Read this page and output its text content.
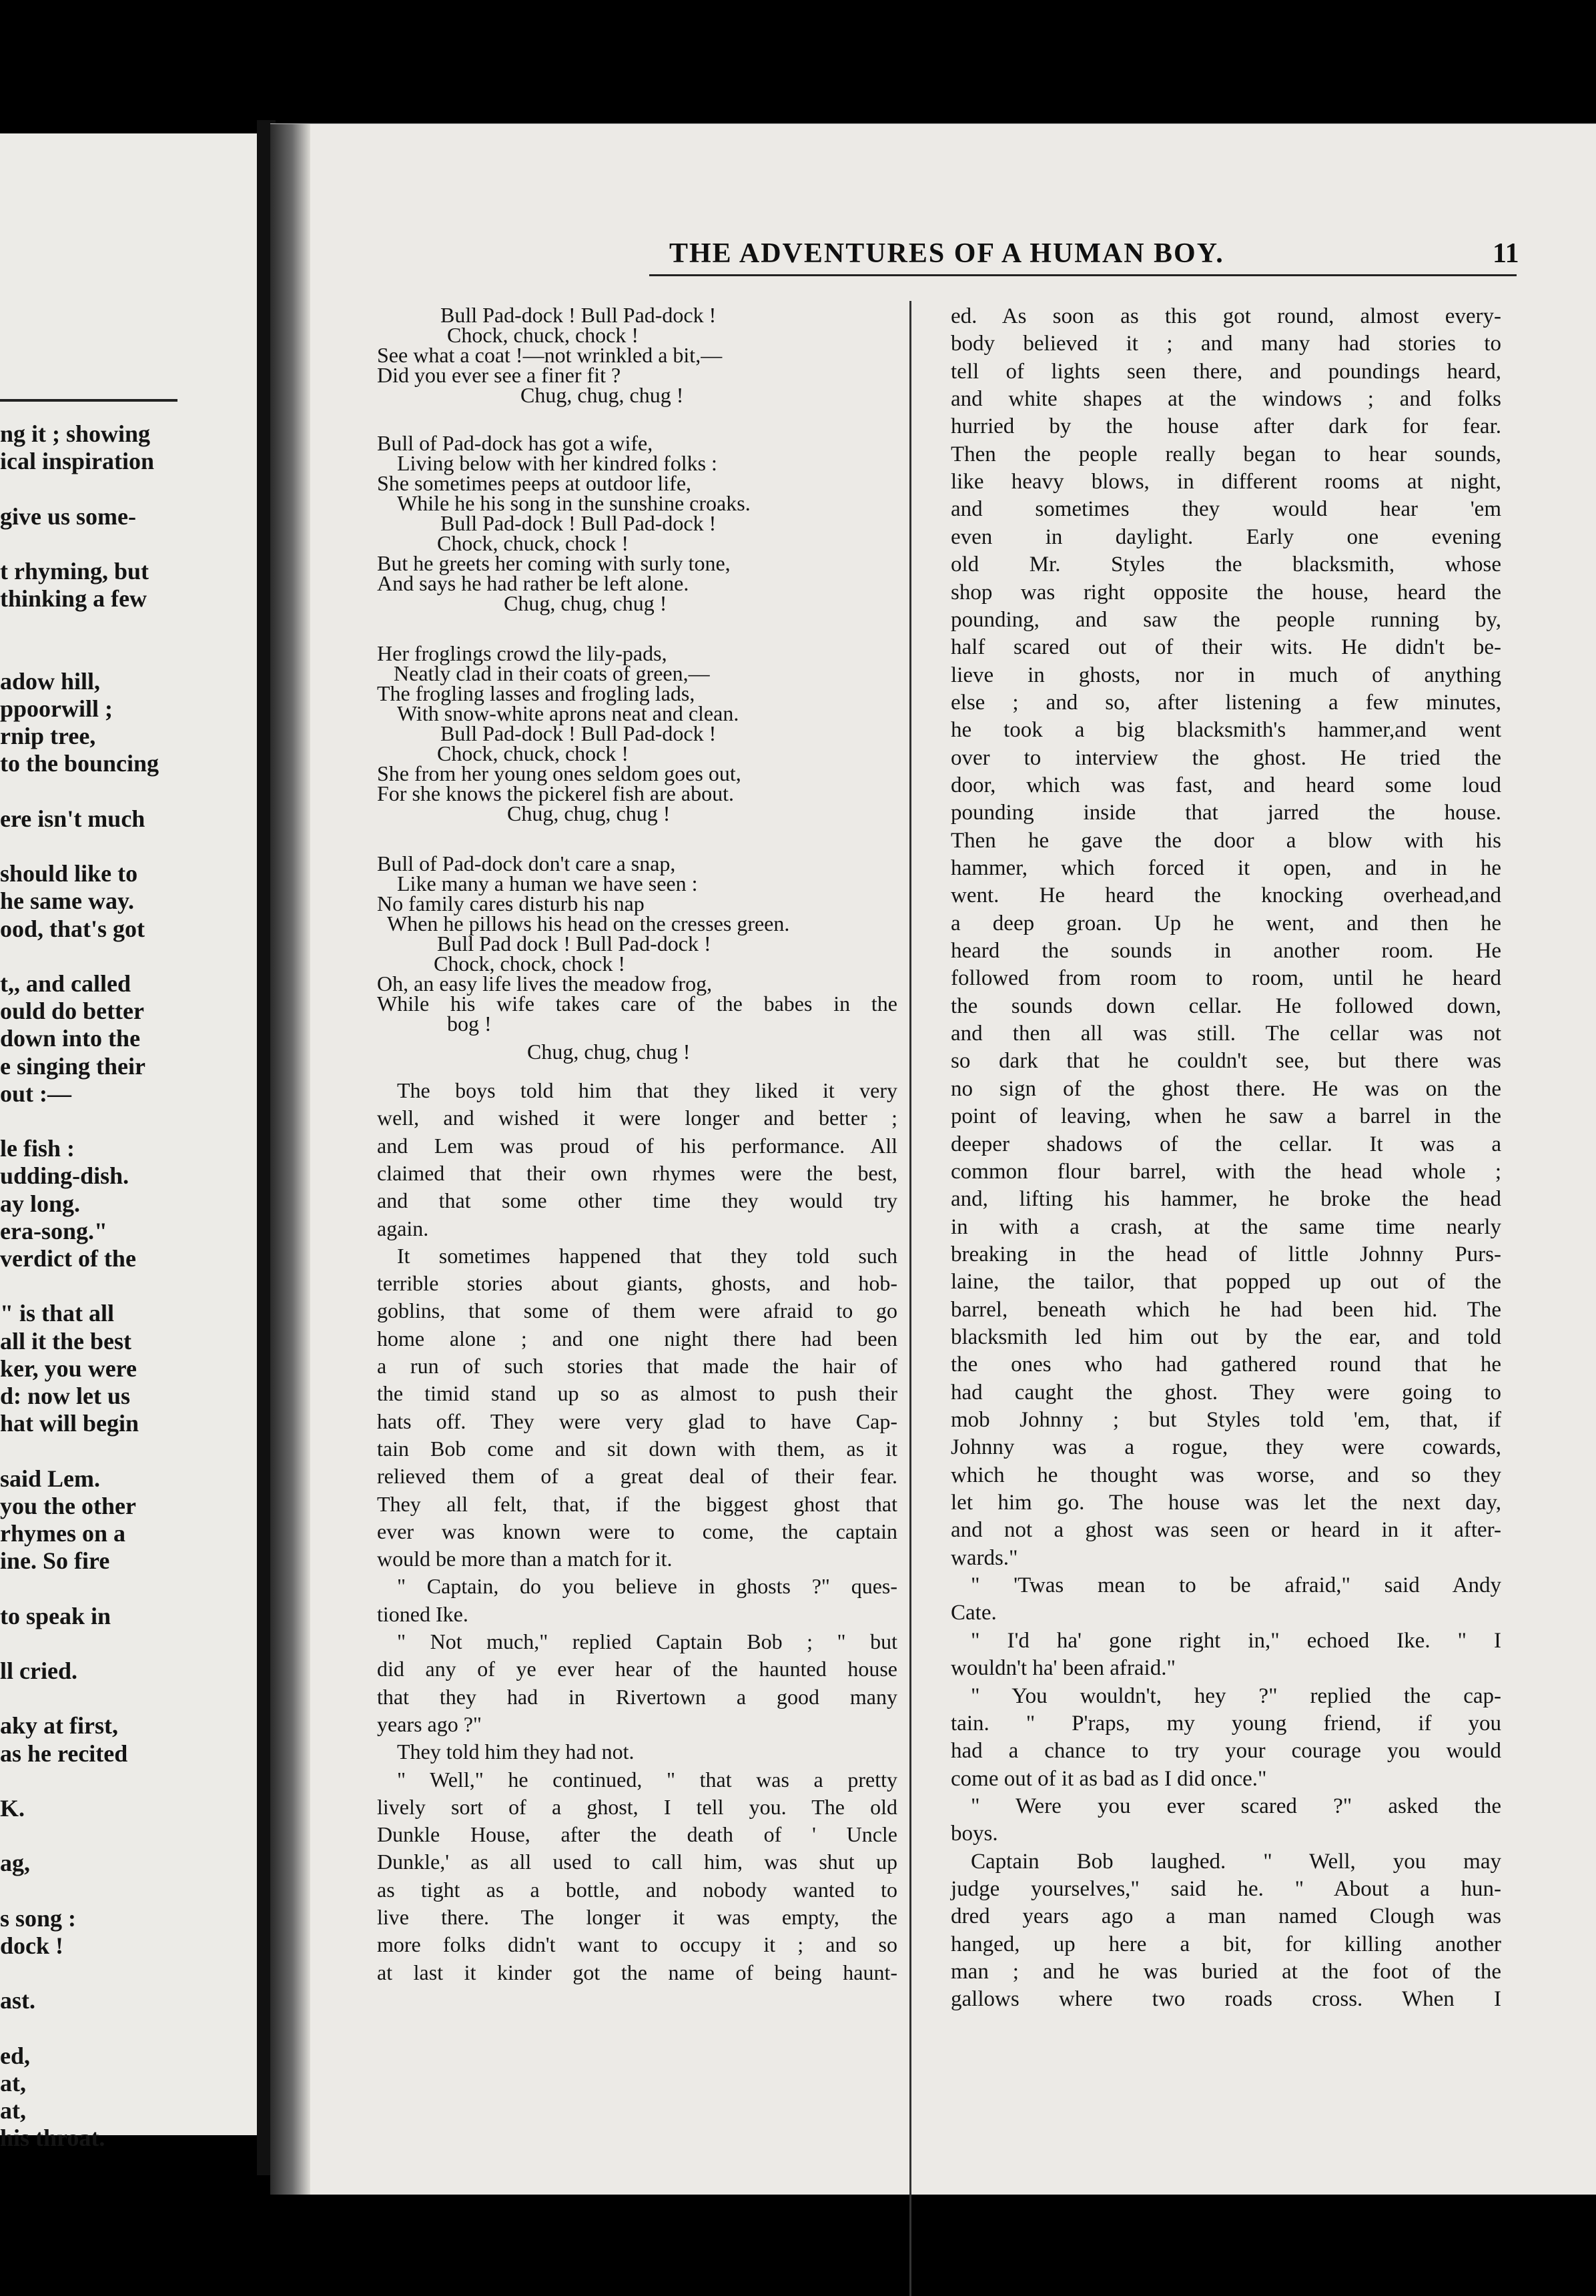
ng it ; showing
ical inspiration
give us some-
t rhyming, but
thinking a few
adow hill,
ppoorwill ;
rnip tree,
to the bouncing
ere isn't much
should like to
he same way.
ood, that's got
t,, and called
ould do better
down into the
e singing their
out :—
le fish :
udding-dish.
ay long.
era-song."
verdict of the
" is that all
all it the best
ker, you were
d: now let us
hat will begin
said Lem.
you the other
rhymes on a
ine. So fire
to speak in
ll cried.
aky at first,
as he recited
K.
ag,
s song :
dock !
ast.
ed,
at,
at,
his throat.
THE ADVENTURES OF A HUMAN BOY.	11
Bull Pad-dock ! Bull Pad-dock !
Chock, chuck, chock !
See what a coat !—not wrinkled a bit,—
Did you ever see a finer fit ?
Chug, chug, chug !
Bull of Pad-dock has got a wife,
Living below with her kindred folks :
She sometimes peeps at outdoor life,
While he his song in the sunshine croaks.
Bull Pad-dock ! Bull Pad-dock !
Chock, chuck, chock !
But he greets her coming with surly tone,
And says he had rather be left alone.
Chug, chug, chug !
Her froglings crowd the lily-pads,
Neatly clad in their coats of green,—
The frogling lasses and frogling lads,
With snow-white aprons neat and clean.
Bull Pad-dock ! Bull Pad-dock !
Chock, chuck, chock !
She from her young ones seldom goes out,
For she knows the pickerel fish are about.
Chug, chug, chug !
Bull of Pad-dock don't care a snap,
Like many a human we have seen :
No family cares disturb his nap
When he pillows his head on the cresses green.
Bull Pad dock ! Bull Pad-dock !
Chock, chock, chock !
Oh, an easy life lives the meadow frog,
While his wife takes care of the babes in the
bog !
Chug, chug, chug !
The boys told him that they liked it very
well, and wished it were longer and better ;
and Lem was proud of his performance. All
claimed that their own rhymes were the best,
and that some other time they would try
again.
It sometimes happened that they told such
terrible stories about giants, ghosts, and hob-
goblins, that some of them were afraid to go
home alone ; and one night there had been
a run of such stories that made the hair of
the timid stand up so as almost to push their
hats off. They were very glad to have Cap-
tain Bob come and sit down with them, as it
relieved them of a great deal of their fear.
They all felt, that, if the biggest ghost that
ever was known were to come, the captain
would be more than a match for it.
" Captain, do you believe in ghosts ?" ques-
tioned Ike.
" Not much," replied Captain Bob ; " but
did any of ye ever hear of the haunted house
that they had in Rivertown a good many
years ago ?"
They told him they had not.
" Well," he continued, " that was a pretty
lively sort of a ghost, I tell you. The old
Dunkle House, after the death of ' Uncle
Dunkle,' as all used to call him, was shut up
as tight as a bottle, and nobody wanted to
live there. The longer it was empty, the
more folks didn't want to occupy it ; and so
at last it kinder got the name of being haunt-
ed. As soon as this got round, almost every-
body believed it ; and many had stories to
tell of lights seen there, and poundings heard,
and white shapes at the windows ; and folks
hurried by the house after dark for fear.
Then the people really began to hear sounds,
like heavy blows, in different rooms at night,
and sometimes they would hear 'em
even in daylight. Early one evening
old Mr. Styles the blacksmith, whose
shop was right opposite the house, heard the
pounding, and saw the people running by,
half scared out of their wits. He didn't be-
lieve in ghosts, nor in much of anything
else ; and so, after listening a few minutes,
he took a big blacksmith's hammer,and went
over to interview the ghost. He tried the
door, which was fast, and heard some loud
pounding inside that jarred the house.
Then he gave the door a blow with his
hammer, which forced it open, and in he
went. He heard the knocking overhead,and
a deep groan. Up he went, and then he
heard the sounds in another room. He
followed from room to room, until he heard
the sounds down cellar. He followed down,
and then all was still. The cellar was not
so dark that he couldn't see, but there was
no sign of the ghost there. He was on the
point of leaving, when he saw a barrel in the
deeper shadows of the cellar. It was a
common flour barrel, with the head whole ;
and, lifting his hammer, he broke the head
in with a crash, at the same time nearly
breaking in the head of little Johnny Purs-
laine, the tailor, that popped up out of the
barrel, beneath which he had been hid. The
blacksmith led him out by the ear, and told
the ones who had gathered round that he
had caught the ghost. They were going to
mob Johnny ; but Styles told 'em, that, if
Johnny was a rogue, they were cowards,
which he thought was worse, and so they
let him go. The house was let the next day,
and not a ghost was seen or heard in it after-
wards."
" 'Twas mean to be afraid," said Andy
Cate.
" I'd ha' gone right in," echoed Ike. " I
wouldn't ha' been afraid."
" You wouldn't, hey ?" replied the cap-
tain. " P'raps, my young friend, if you
had a chance to try your courage you would
come out of it as bad as I did once."
" Were you ever scared ?" asked the
boys.
Captain Bob laughed. " Well, you may
judge yourselves," said he. " About a hun-
dred years ago a man named Clough was
hanged, up here a bit, for killing another
man ; and he was buried at the foot of the
gallows where two roads cross. When I
